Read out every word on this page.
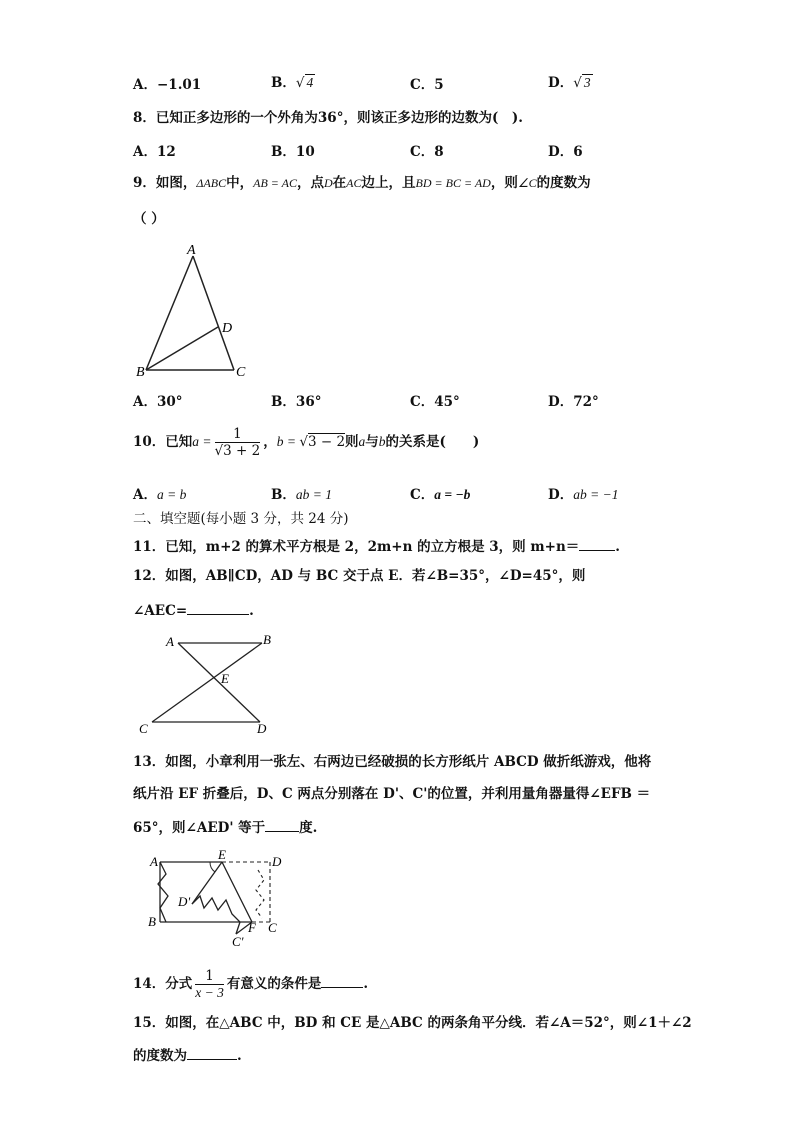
A．−1.01	B．√ 4	C．5	D．√ 3
8．已知正多边形的一个外角为36°，则该正多边形的边数为(　).
A．12	B．10	C．8	D．6
9．如图，ΔABC中，AB = AC，点D在AC边上，且BD = BC = AD，则∠C的度数为
（ ）
A
B	C
D
A．30°	B．36°	C．45°	D．72°
10．已知$a = \frac{1}{√3 + 2}$ ，b = √3 − 2则a与b的关系是(　　)
A．a = b	B．ab = 1	C．a = −b	D．ab = −1
二、填空题(每小题 3 分，共 24 分)
11．已知，m+2 的算术平方根是 2，2m+n 的立方根是 3，则 m+n＝	.
12．如图，AB∥CD，AD 与 BC 交于点 E．若∠B=35°，∠D=45°，则
∠AEC=	.
A	B
C	D
E
13．如图，小章利用一张左、右两边已经破损的长方形纸片 ABCD 做折纸游戏，他将
纸片沿 EF 折叠后，D、C 两点分别落在 D'、C'的位置，并利用量角器量得∠EFB ＝
65°，则∠AED' 等于	度.
A
B	C
D
E
F
D'
C'
14．分式 $\frac{1}{x - 3}$ 有意义的条件是	.
15．如图，在△ABC 中，BD 和 CE 是△ABC 的两条角平分线．若∠A＝52°，则∠1＋∠2
的度数为	.
